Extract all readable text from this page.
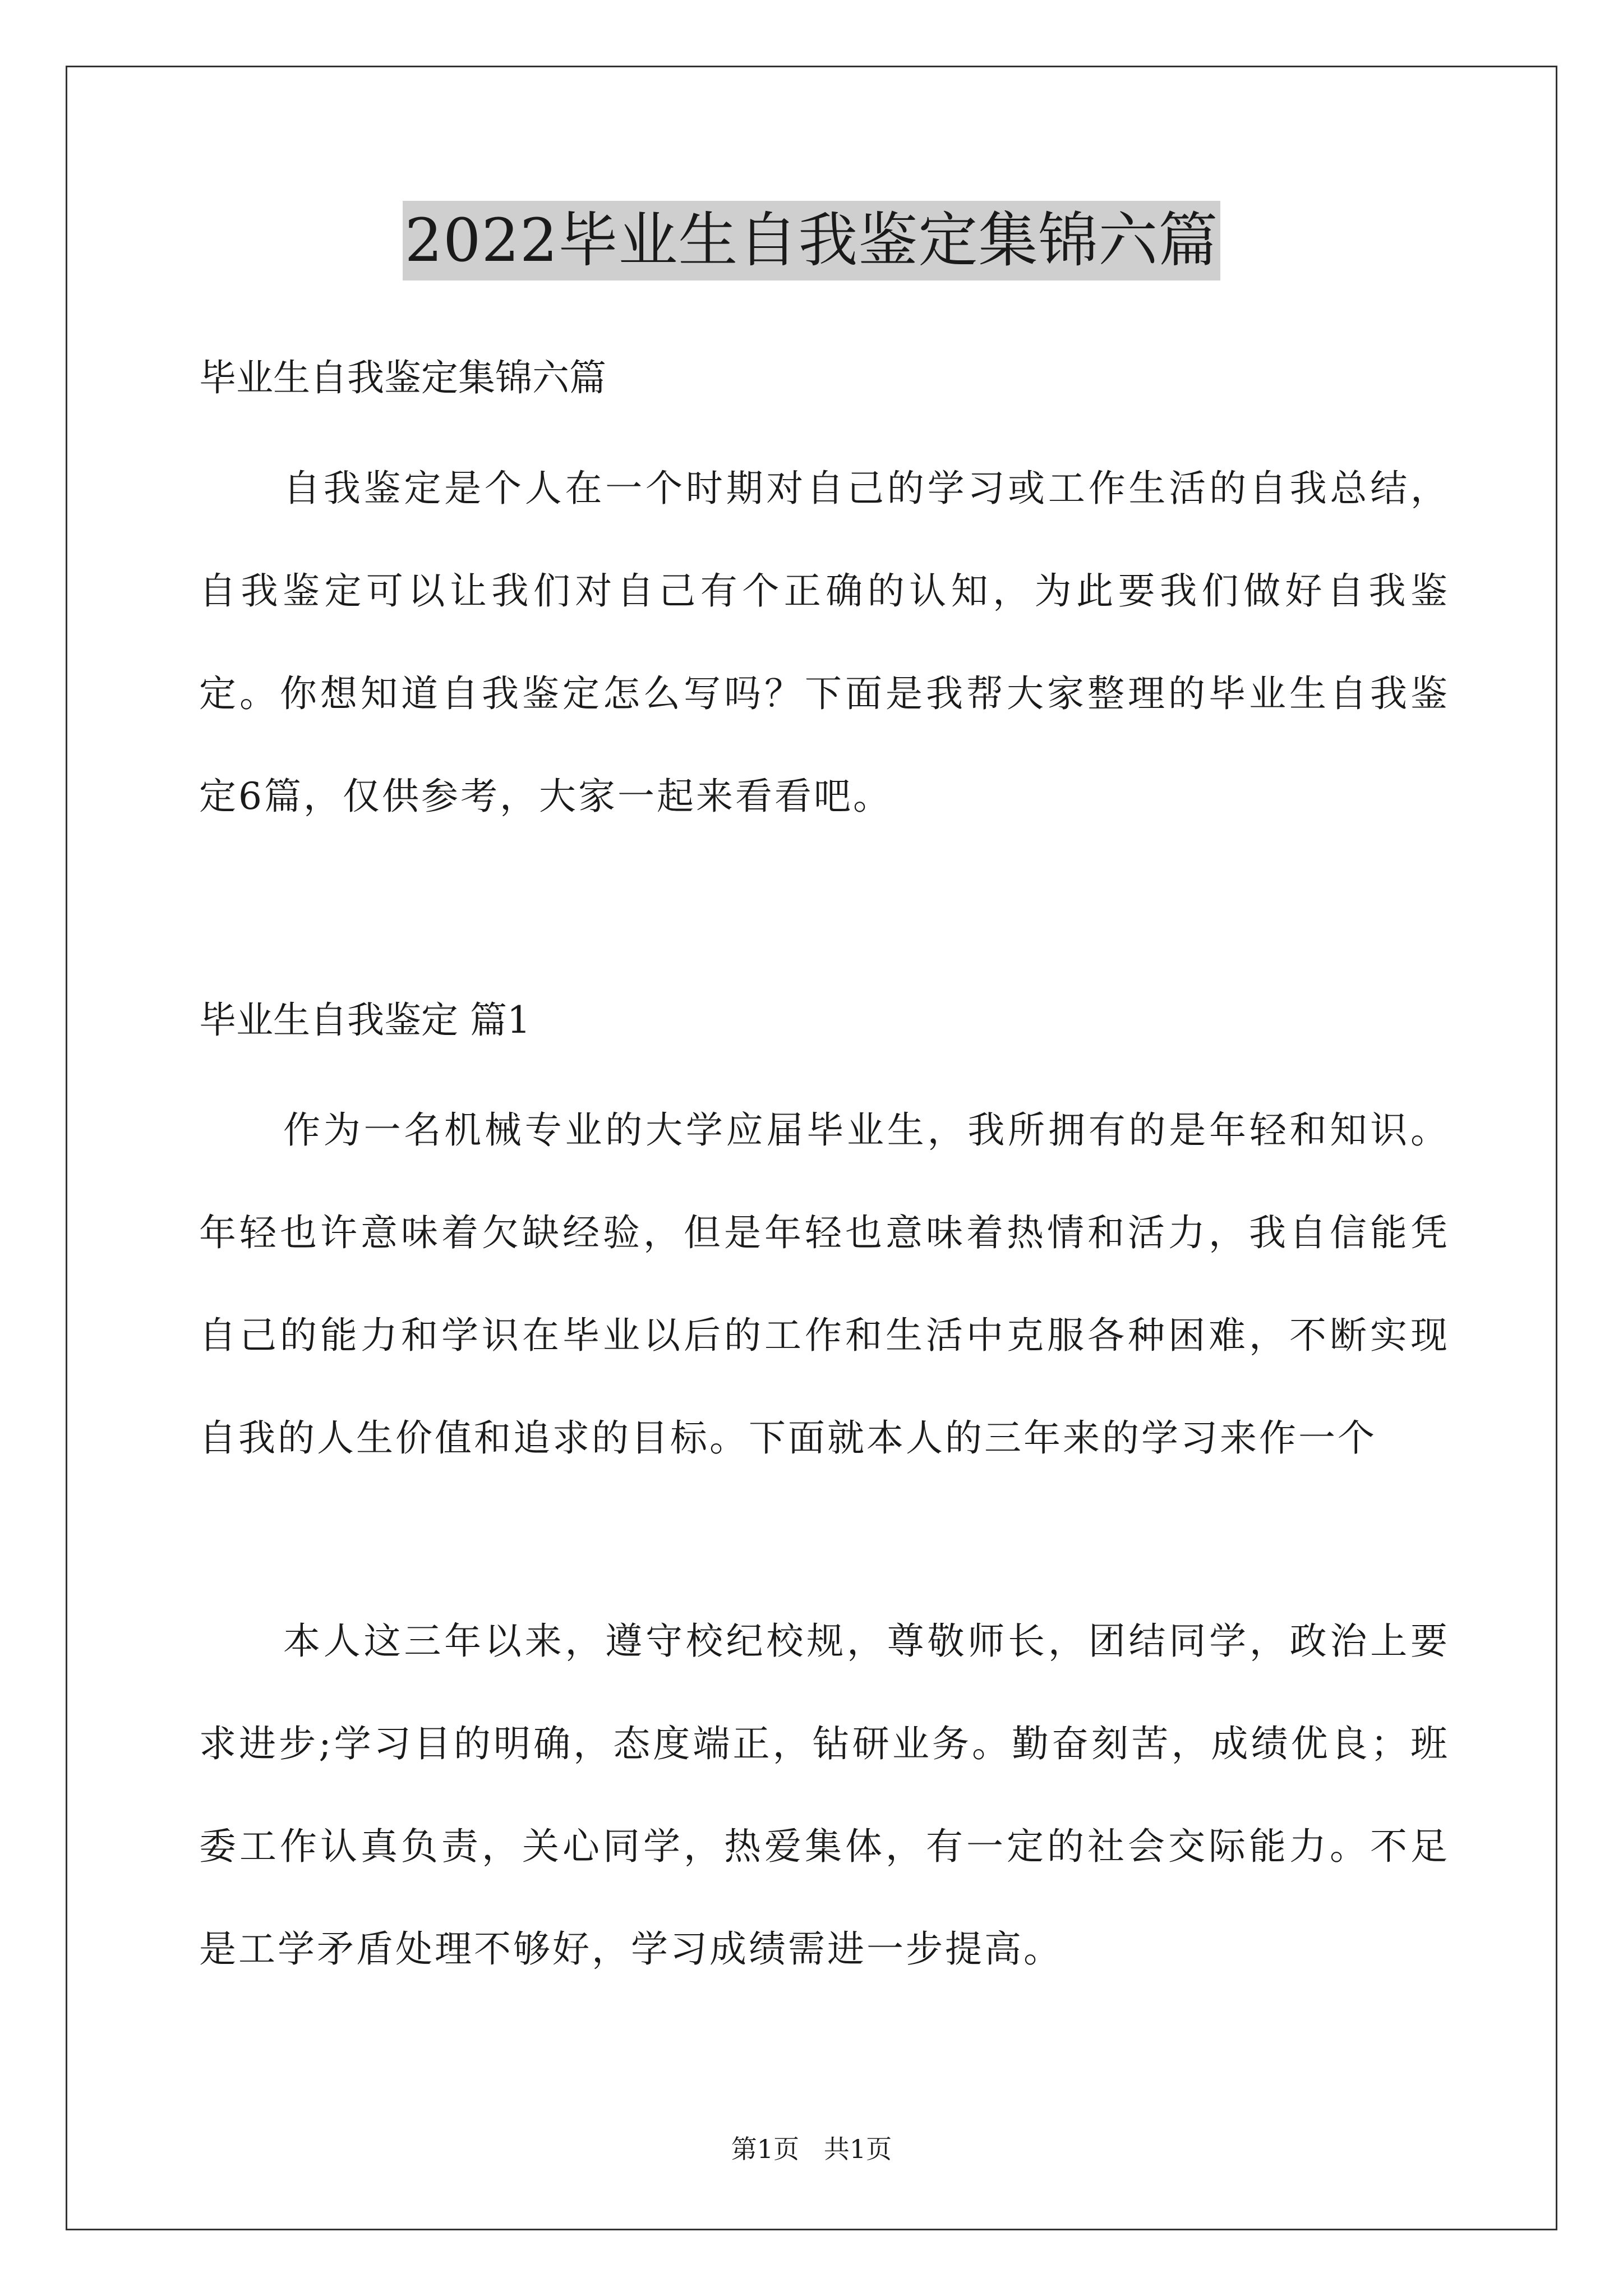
2022毕业生自我鉴定集锦六篇
毕业生自我鉴定集锦六篇

自我鉴定是个人在一个时期对自己的学习或工作生活的自我总结，自我鉴定可以让我们对自己有个正确的认知，为此要我们做好自我鉴定。你想知道自我鉴定怎么写吗？下面是我帮大家整理的毕业生自我鉴定6篇，仅供参考，大家一起来看看吧。

毕业生自我鉴定 篇1

作为一名机械专业的大学应届毕业生，我所拥有的是年轻和知识。年轻也许意味着欠缺经验，但是年轻也意味着热情和活力，我自信能凭自己的能力和学识在毕业以后的工作和生活中克服各种困难，不断实现自我的人生价值和追求的目标。下面就本人的三年来的学习来作一个

本人这三年以来，遵守校纪校规，尊敬师长，团结同学，政治上要求进步;学习目的明确，态度端正，钻研业务。勤奋刻苦，成绩优良；班委工作认真负责，关心同学，热爱集体，有一定的社会交际能力。不足是工学矛盾处理不够好，学习成绩需进一步提高。

第1页   共1页
